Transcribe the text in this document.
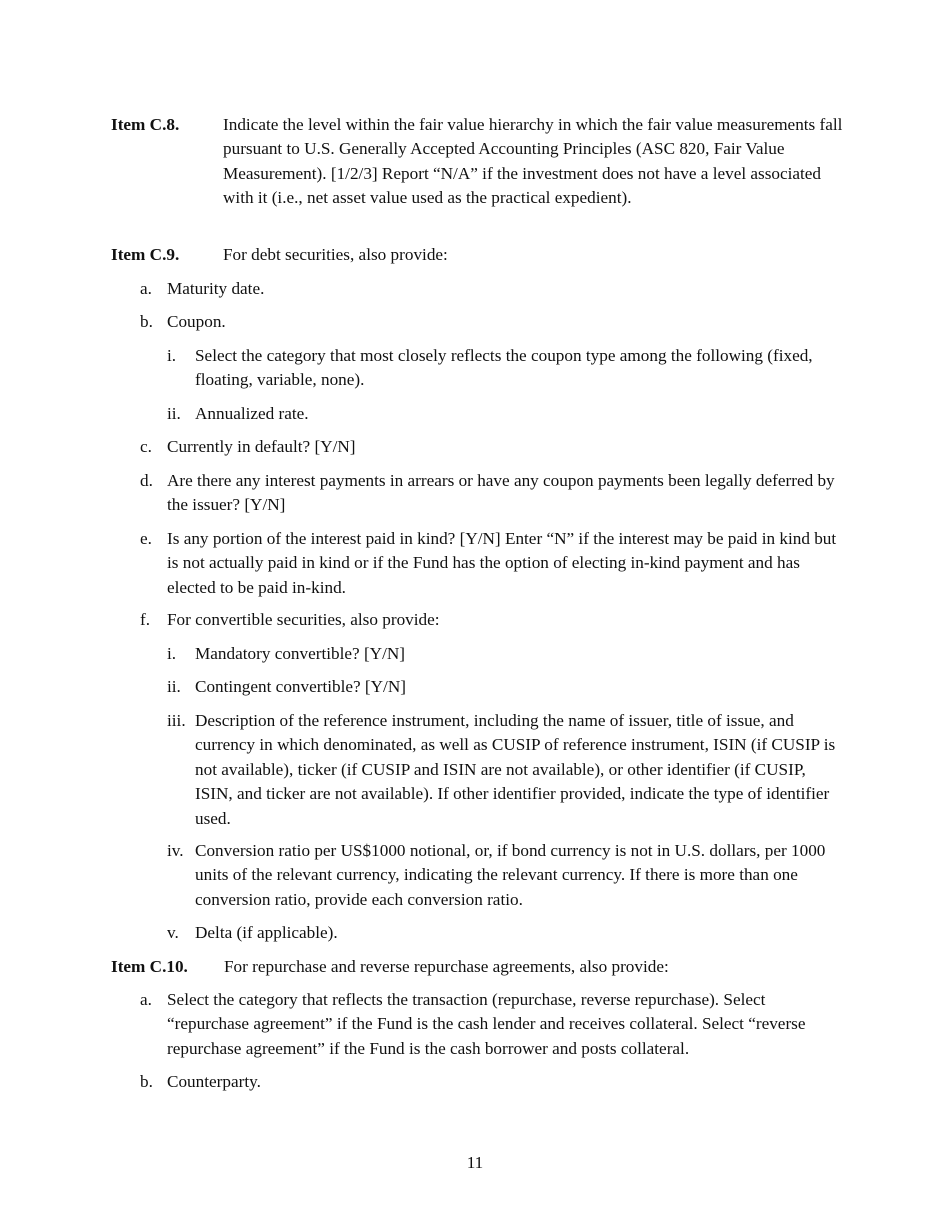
Item C.8.	Indicate the level within the fair value hierarchy in which the fair value measurements fall pursuant to U.S. Generally Accepted Accounting Principles (ASC 820, Fair Value Measurement). [1/2/3] Report “N/A” if the investment does not have a level associated with it (i.e., net asset value used as the practical expedient).
Item C.9.	For debt securities, also provide:
a. Maturity date.
b. Coupon.
i. Select the category that most closely reflects the coupon type among the following (fixed, floating, variable, none).
ii. Annualized rate.
c. Currently in default? [Y/N]
d. Are there any interest payments in arrears or have any coupon payments been legally deferred by the issuer? [Y/N]
e. Is any portion of the interest paid in kind? [Y/N] Enter “N” if the interest may be paid in kind but is not actually paid in kind or if the Fund has the option of electing in-kind payment and has elected to be paid in-kind.
f. For convertible securities, also provide:
i. Mandatory convertible? [Y/N]
ii. Contingent convertible? [Y/N]
iii. Description of the reference instrument, including the name of issuer, title of issue, and currency in which denominated, as well as CUSIP of reference instrument, ISIN (if CUSIP is not available), ticker (if CUSIP and ISIN are not available), or other identifier (if CUSIP, ISIN, and ticker are not available). If other identifier provided, indicate the type of identifier used.
iv. Conversion ratio per US$1000 notional, or, if bond currency is not in U.S. dollars, per 1000 units of the relevant currency, indicating the relevant currency. If there is more than one conversion ratio, provide each conversion ratio.
v. Delta (if applicable).
Item C.10. For repurchase and reverse repurchase agreements, also provide:
a. Select the category that reflects the transaction (repurchase, reverse repurchase). Select “repurchase agreement” if the Fund is the cash lender and receives collateral. Select “reverse repurchase agreement” if the Fund is the cash borrower and posts collateral.
b. Counterparty.
11
